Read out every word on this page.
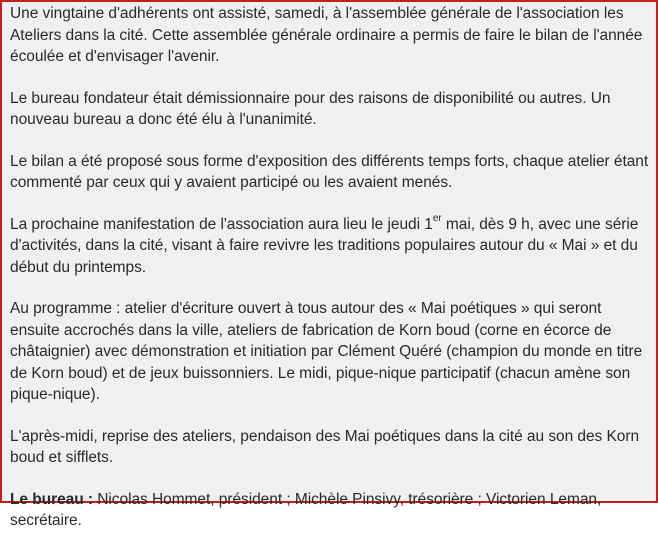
Une vingtaine d'adhérents ont assisté, samedi, à l'assemblée générale de l'association les Ateliers dans la cité. Cette assemblée générale ordinaire a permis de faire le bilan de l'année écoulée et d'envisager l'avenir.

Le bureau fondateur était démissionnaire pour des raisons de disponibilité ou autres. Un nouveau bureau a donc été élu à l'unanimité.

Le bilan a été proposé sous forme d'exposition des différents temps forts, chaque atelier étant commenté par ceux qui y avaient participé ou les avaient menés.

La prochaine manifestation de l'association aura lieu le jeudi 1er mai, dès 9 h, avec une série d'activités, dans la cité, visant à faire revivre les traditions populaires autour du « Mai » et du début du printemps.

Au programme : atelier d'écriture ouvert à tous autour des « Mai poétiques » qui seront ensuite accrochés dans la ville, ateliers de fabrication de Korn boud (corne en écorce de châtaignier) avec démonstration et initiation par Clément Quéré (champion du monde en titre de Korn boud) et de jeux buissonniers. Le midi, pique-nique participatif (chacun amène son pique-nique).

L'après-midi, reprise des ateliers, pendaison des Mai poétiques dans la cité au son des Korn boud et sifflets.

Le bureau : Nicolas Hommet, président ; Michèle Pinsivy, trésorière ; Victorien Leman, secrétaire.
